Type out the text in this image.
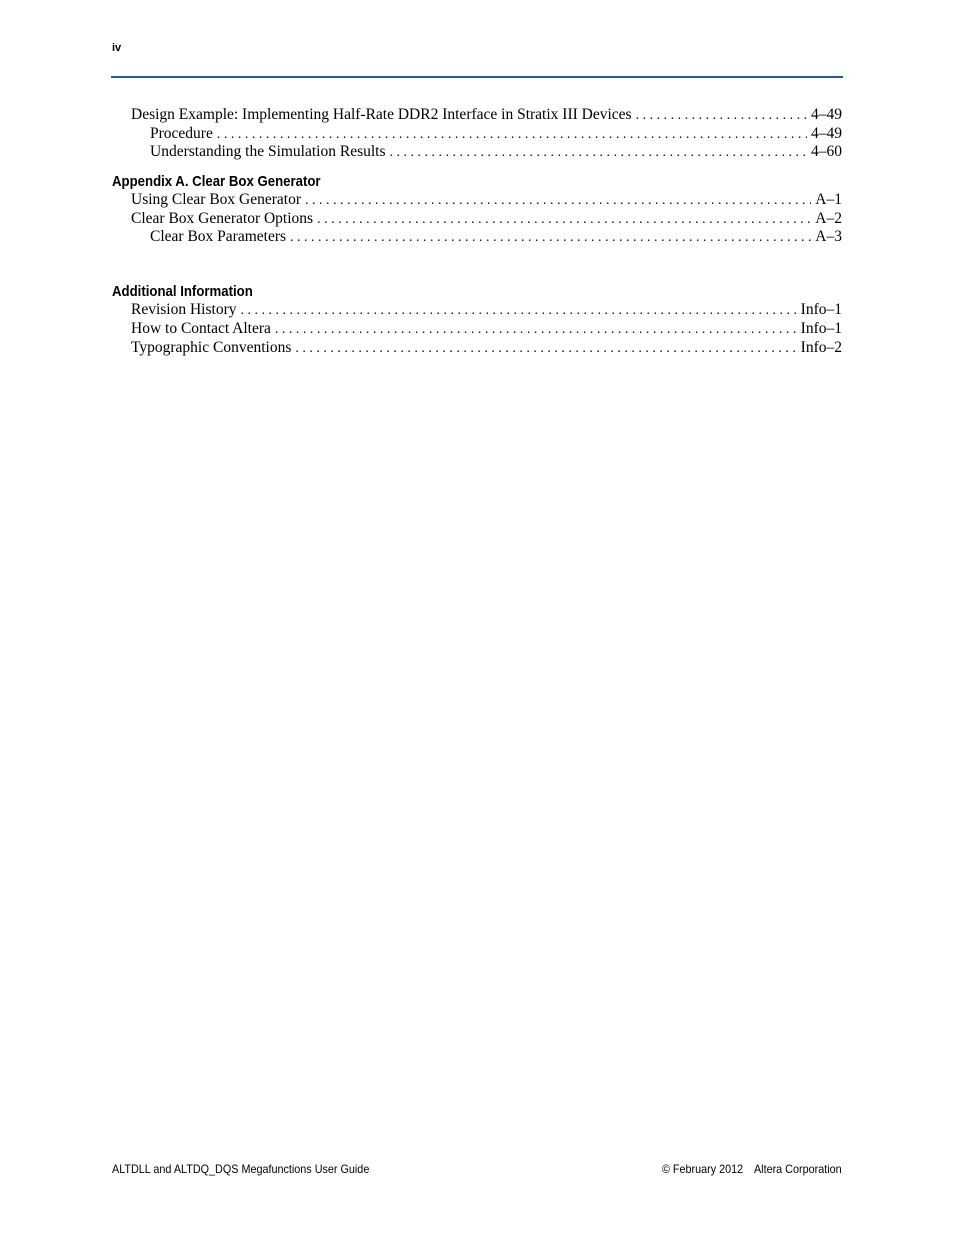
iv
Design Example: Implementing Half-Rate DDR2 Interface in Stratix III Devices . . .	4–49
Procedure . . .	4–49
Understanding the Simulation Results . . .	4–60
Appendix A. Clear Box Generator
Using Clear Box Generator . . .	A–1
Clear Box Generator Options . . .	A–2
Clear Box Parameters . . .	A–3
Additional Information
Revision History . . .	Info–1
How to Contact Altera . . .	Info–1
Typographic Conventions . . .	Info–2
ALTDLL and ALTDQ_DQS Megafunctions User Guide	© February 2012 Altera Corporation
